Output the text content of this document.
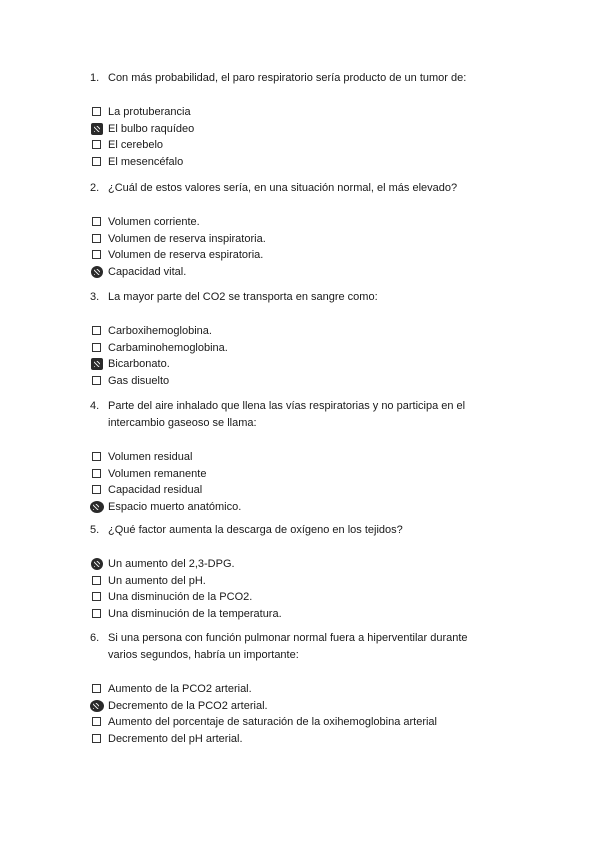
1. Con más probabilidad, el paro respiratorio sería producto de un tumor de:
La protuberancia
El bulbo raquídeo
El cerebelo
El mesencéfalo
2. ¿Cuál de estos valores sería, en una situación normal, el más elevado?
Volumen corriente.
Volumen de reserva inspiratoria.
Volumen de reserva espiratoria.
Capacidad vital.
3. La mayor parte del CO2 se transporta en sangre como:
Carboxihemoglobina.
Carbaminohemoglobina.
Bicarbonato.
Gas disuelto
4. Parte del aire inhalado que llena las vías respiratorias y no participa en el intercambio gaseoso se llama:
Volumen residual
Volumen remanente
Capacidad residual
Espacio muerto anatómico.
5. ¿Qué factor aumenta la descarga de oxígeno en los tejidos?
Un aumento del 2,3-DPG.
Un aumento del pH.
Una disminución de la PCO2.
Una disminución de la temperatura.
6. Si una persona con función pulmonar normal fuera a hiperventilar durante varios segundos, habría un importante:
Aumento de la PCO2 arterial.
Decremento de la PCO2 arterial.
Aumento del porcentaje de saturación de la oxihemoglobina arterial
Decremento del pH arterial.
